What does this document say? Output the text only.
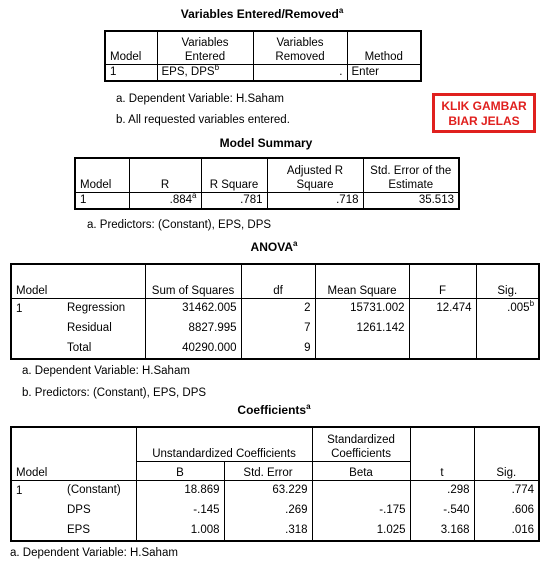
Variables Entered/Removed$^a$
Model	Variables Entered	Variables Removed	Method
1	EPS, DPS$^b$	.	Enter
a. Dependent Variable: H.Saham
b. All requested variables entered.
KLIK GAMBAR
BIAR JELAS
Model Summary
Model	R	R Square	Adjusted R Square	Std. Error of the Estimate
1	.884$^a$	.781	.718	35.513
a. Predictors: (Constant), EPS, DPS
ANOVA$^a$
Model		Sum of Squares	df	Mean Square	F	Sig.
1	Regression	31462.005	2	15731.002	12.474	.005$^b$
	Residual	8827.995	7	1261.142		
	Total	40290.000	9			
a. Dependent Variable: H.Saham
b. Predictors: (Constant), EPS, DPS
Coefficients$^a$
Model		Unstandardized Coefficients		Standardized Coefficients	t	Sig.
		B	Std. Error	Beta		
1	(Constant)	18.869	63.229		.298	.774
	DPS	-.145	.269	-.175	-.540	.606
	EPS	1.008	.318	1.025	3.168	.016
a. Dependent Variable: H.Saham
